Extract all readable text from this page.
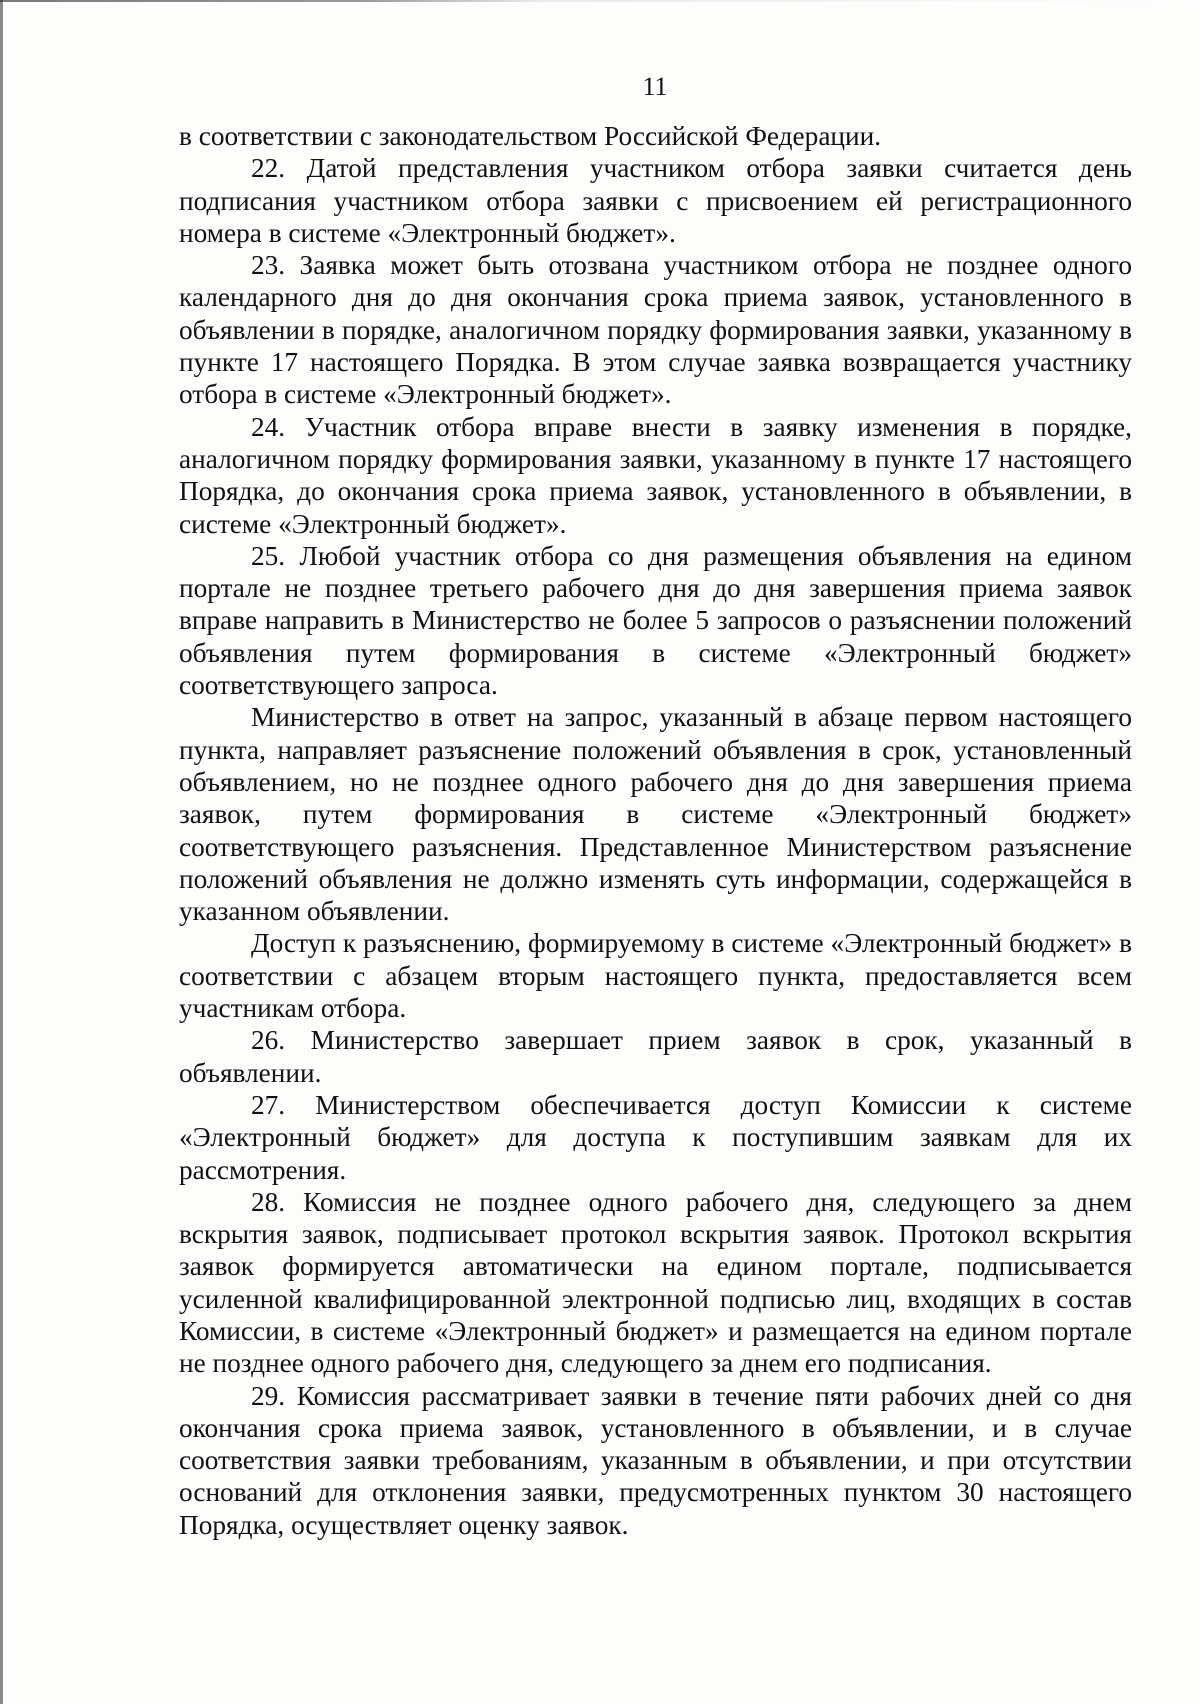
11

в соответствии с законодательством Российской Федерации.

22. Датой представления участником отбора заявки считается день подписания участником отбора заявки с присвоением ей регистрационного номера в системе «Электронный бюджет».

23. Заявка может быть отозвана участником отбора не позднее одного календарного дня до дня окончания срока приема заявок, установленного в объявлении в порядке, аналогичном порядку формирования заявки, указанному в пункте 17 настоящего Порядка. В этом случае заявка возвращается участнику отбора в системе «Электронный бюджет».

24. Участник отбора вправе внести в заявку изменения в порядке, аналогичном порядку формирования заявки, указанному в пункте 17 настоящего Порядка, до окончания срока приема заявок, установленного в объявлении, в системе «Электронный бюджет».

25. Любой участник отбора со дня размещения объявления на едином портале не позднее третьего рабочего дня до дня завершения приема заявок вправе направить в Министерство не более 5 запросов о разъяснении положений объявления путем формирования в системе «Электронный бюджет» соответствующего запроса.

Министерство в ответ на запрос, указанный в абзаце первом настоящего пункта, направляет разъяснение положений объявления в срок, установленный объявлением, но не позднее одного рабочего дня до дня завершения приема заявок, путем формирования в системе «Электронный бюджет» соответствующего разъяснения. Представленное Министерством разъяснение положений объявления не должно изменять суть информации, содержащейся в указанном объявлении.

Доступ к разъяснению, формируемому в системе «Электронный бюджет» в соответствии с абзацем вторым настоящего пункта, предоставляется всем участникам отбора.

26. Министерство завершает прием заявок в срок, указанный в объявлении.

27. Министерством обеспечивается доступ Комиссии к системе «Электронный бюджет» для доступа к поступившим заявкам для их рассмотрения.

28. Комиссия не позднее одного рабочего дня, следующего за днем вскрытия заявок, подписывает протокол вскрытия заявок. Протокол вскрытия заявок формируется автоматически на едином портале, подписывается усиленной квалифицированной электронной подписью лиц, входящих в состав Комиссии, в системе «Электронный бюджет» и размещается на едином портале не позднее одного рабочего дня, следующего за днем его подписания.

29. Комиссия рассматривает заявки в течение пяти рабочих дней со дня окончания срока приема заявок, установленного в объявлении, и в случае соответствия заявки требованиям, указанным в объявлении, и при отсутствии оснований для отклонения заявки, предусмотренных пунктом 30 настоящего Порядка, осуществляет оценку заявок.
